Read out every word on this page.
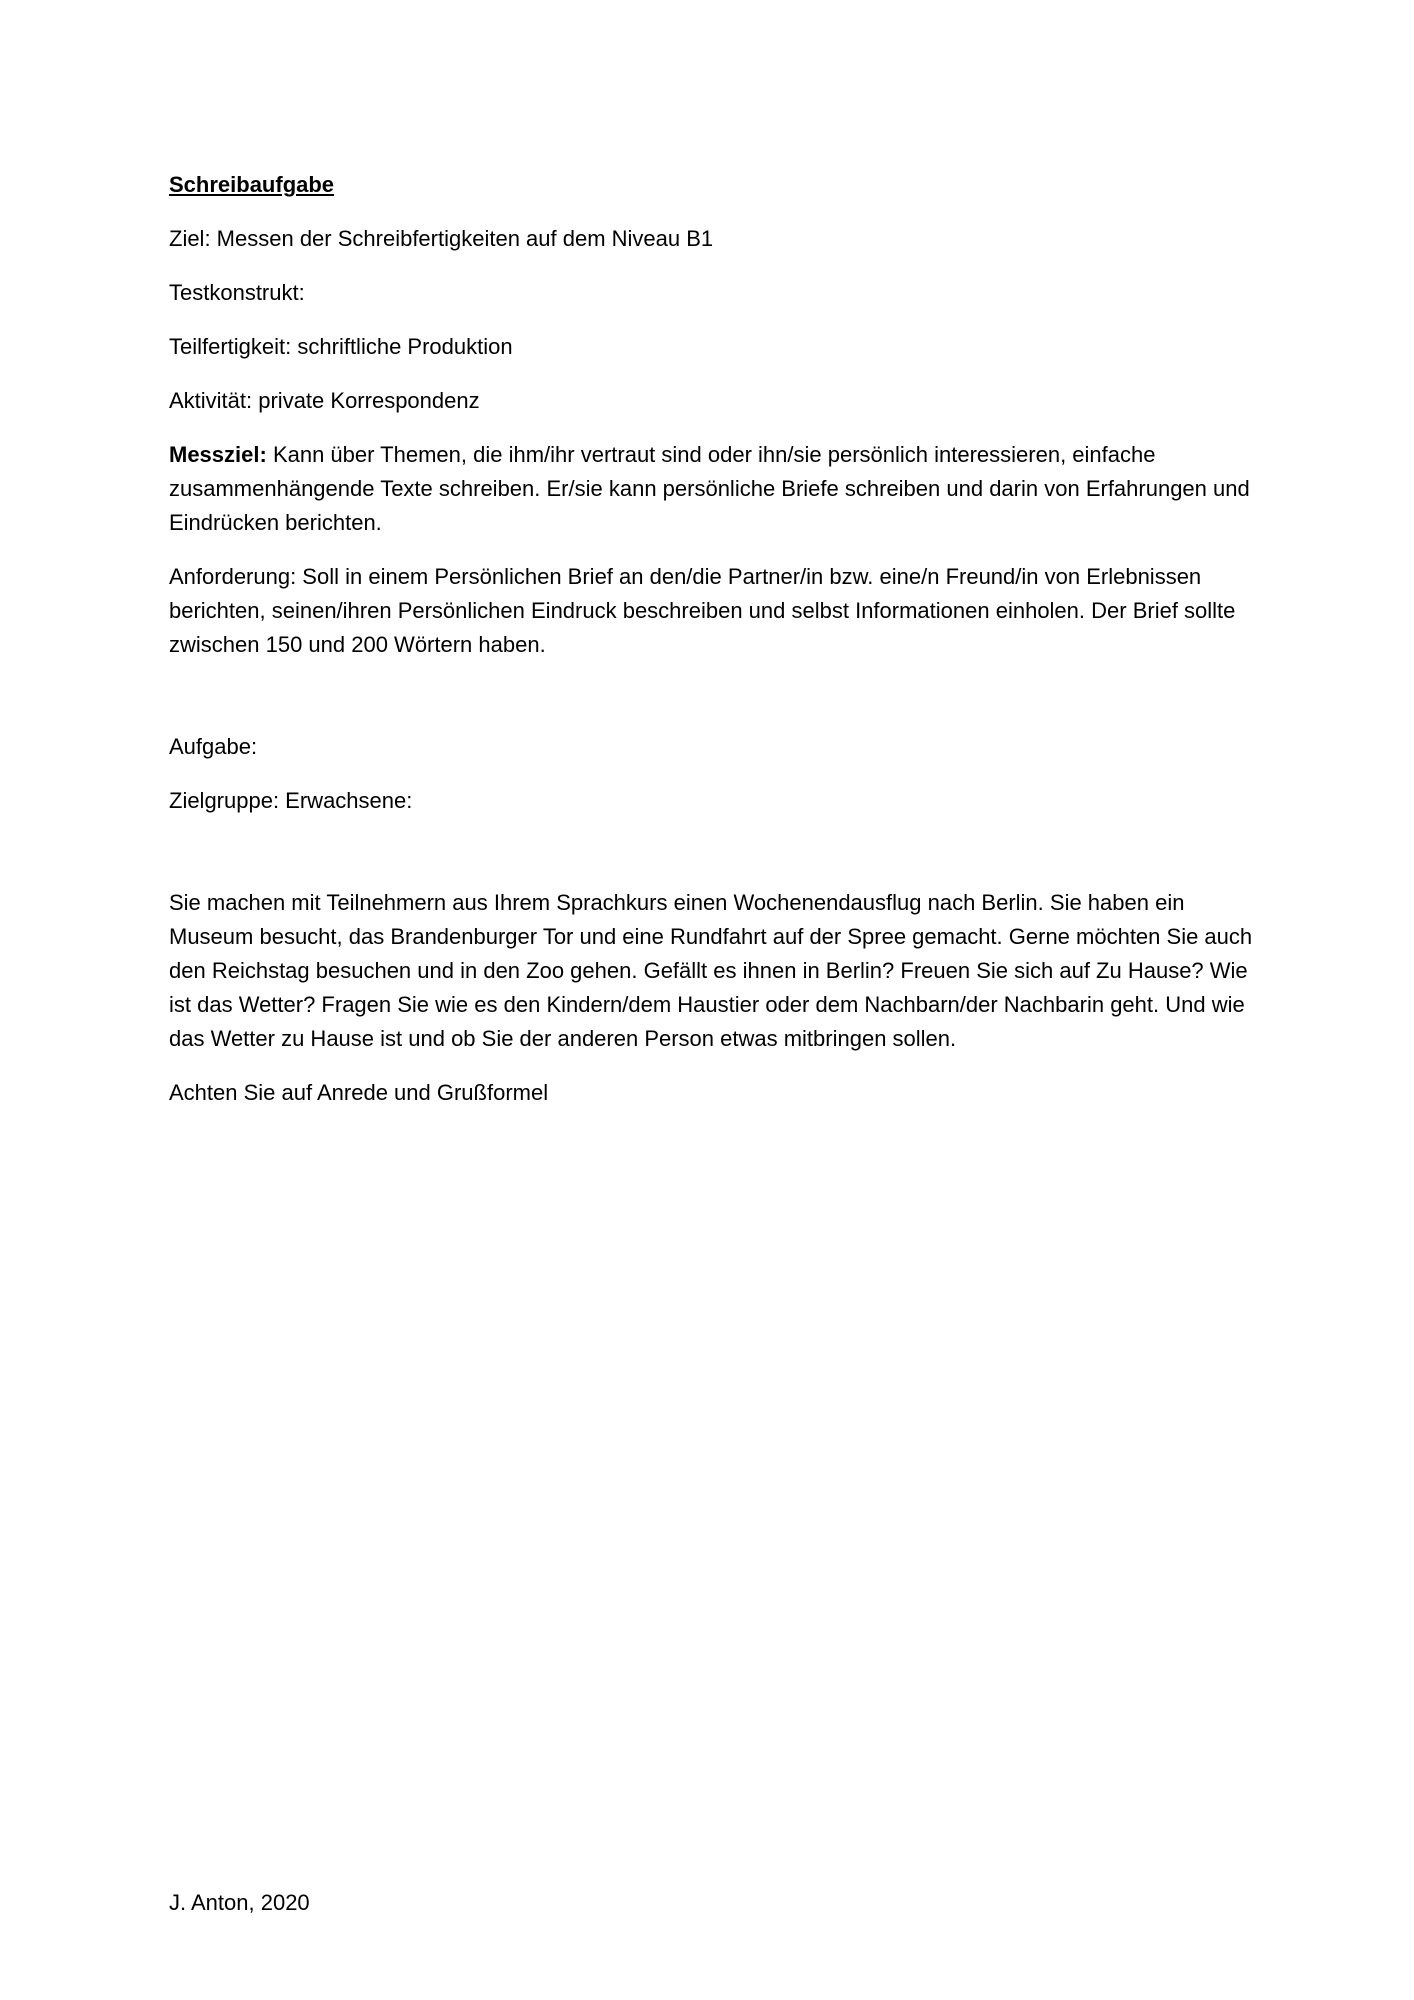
Schreibaufgabe

Ziel: Messen der Schreibfertigkeiten auf dem Niveau B1

Testkonstrukt:

Teilfertigkeit: schriftliche Produktion

Aktivität: private Korrespondenz

Messziel: Kann über Themen, die ihm/ihr vertraut sind oder ihn/sie persönlich interessieren, einfache zusammenhängende Texte schreiben. Er/sie kann persönliche Briefe schreiben und darin von Erfahrungen und Eindrücken berichten.

Anforderung: Soll in einem Persönlichen Brief an den/die Partner/in bzw. eine/n Freund/in von Erlebnissen berichten, seinen/ihren Persönlichen Eindruck beschreiben und selbst Informationen einholen. Der Brief sollte zwischen 150 und 200 Wörtern haben.

Aufgabe:

Zielgruppe: Erwachsene:

Sie machen mit Teilnehmern aus Ihrem Sprachkurs einen Wochenendausflug nach Berlin. Sie haben ein Museum besucht, das Brandenburger Tor und eine Rundfahrt auf der Spree gemacht. Gerne möchten Sie auch den Reichstag besuchen und in den Zoo gehen. Gefällt es ihnen in Berlin? Freuen Sie sich auf Zu Hause? Wie ist das Wetter? Fragen Sie wie es den Kindern/dem Haustier oder dem Nachbarn/der Nachbarin geht. Und wie das Wetter zu Hause ist und ob Sie der anderen Person etwas mitbringen sollen.

Achten Sie auf Anrede und Grußformel

J. Anton, 2020
